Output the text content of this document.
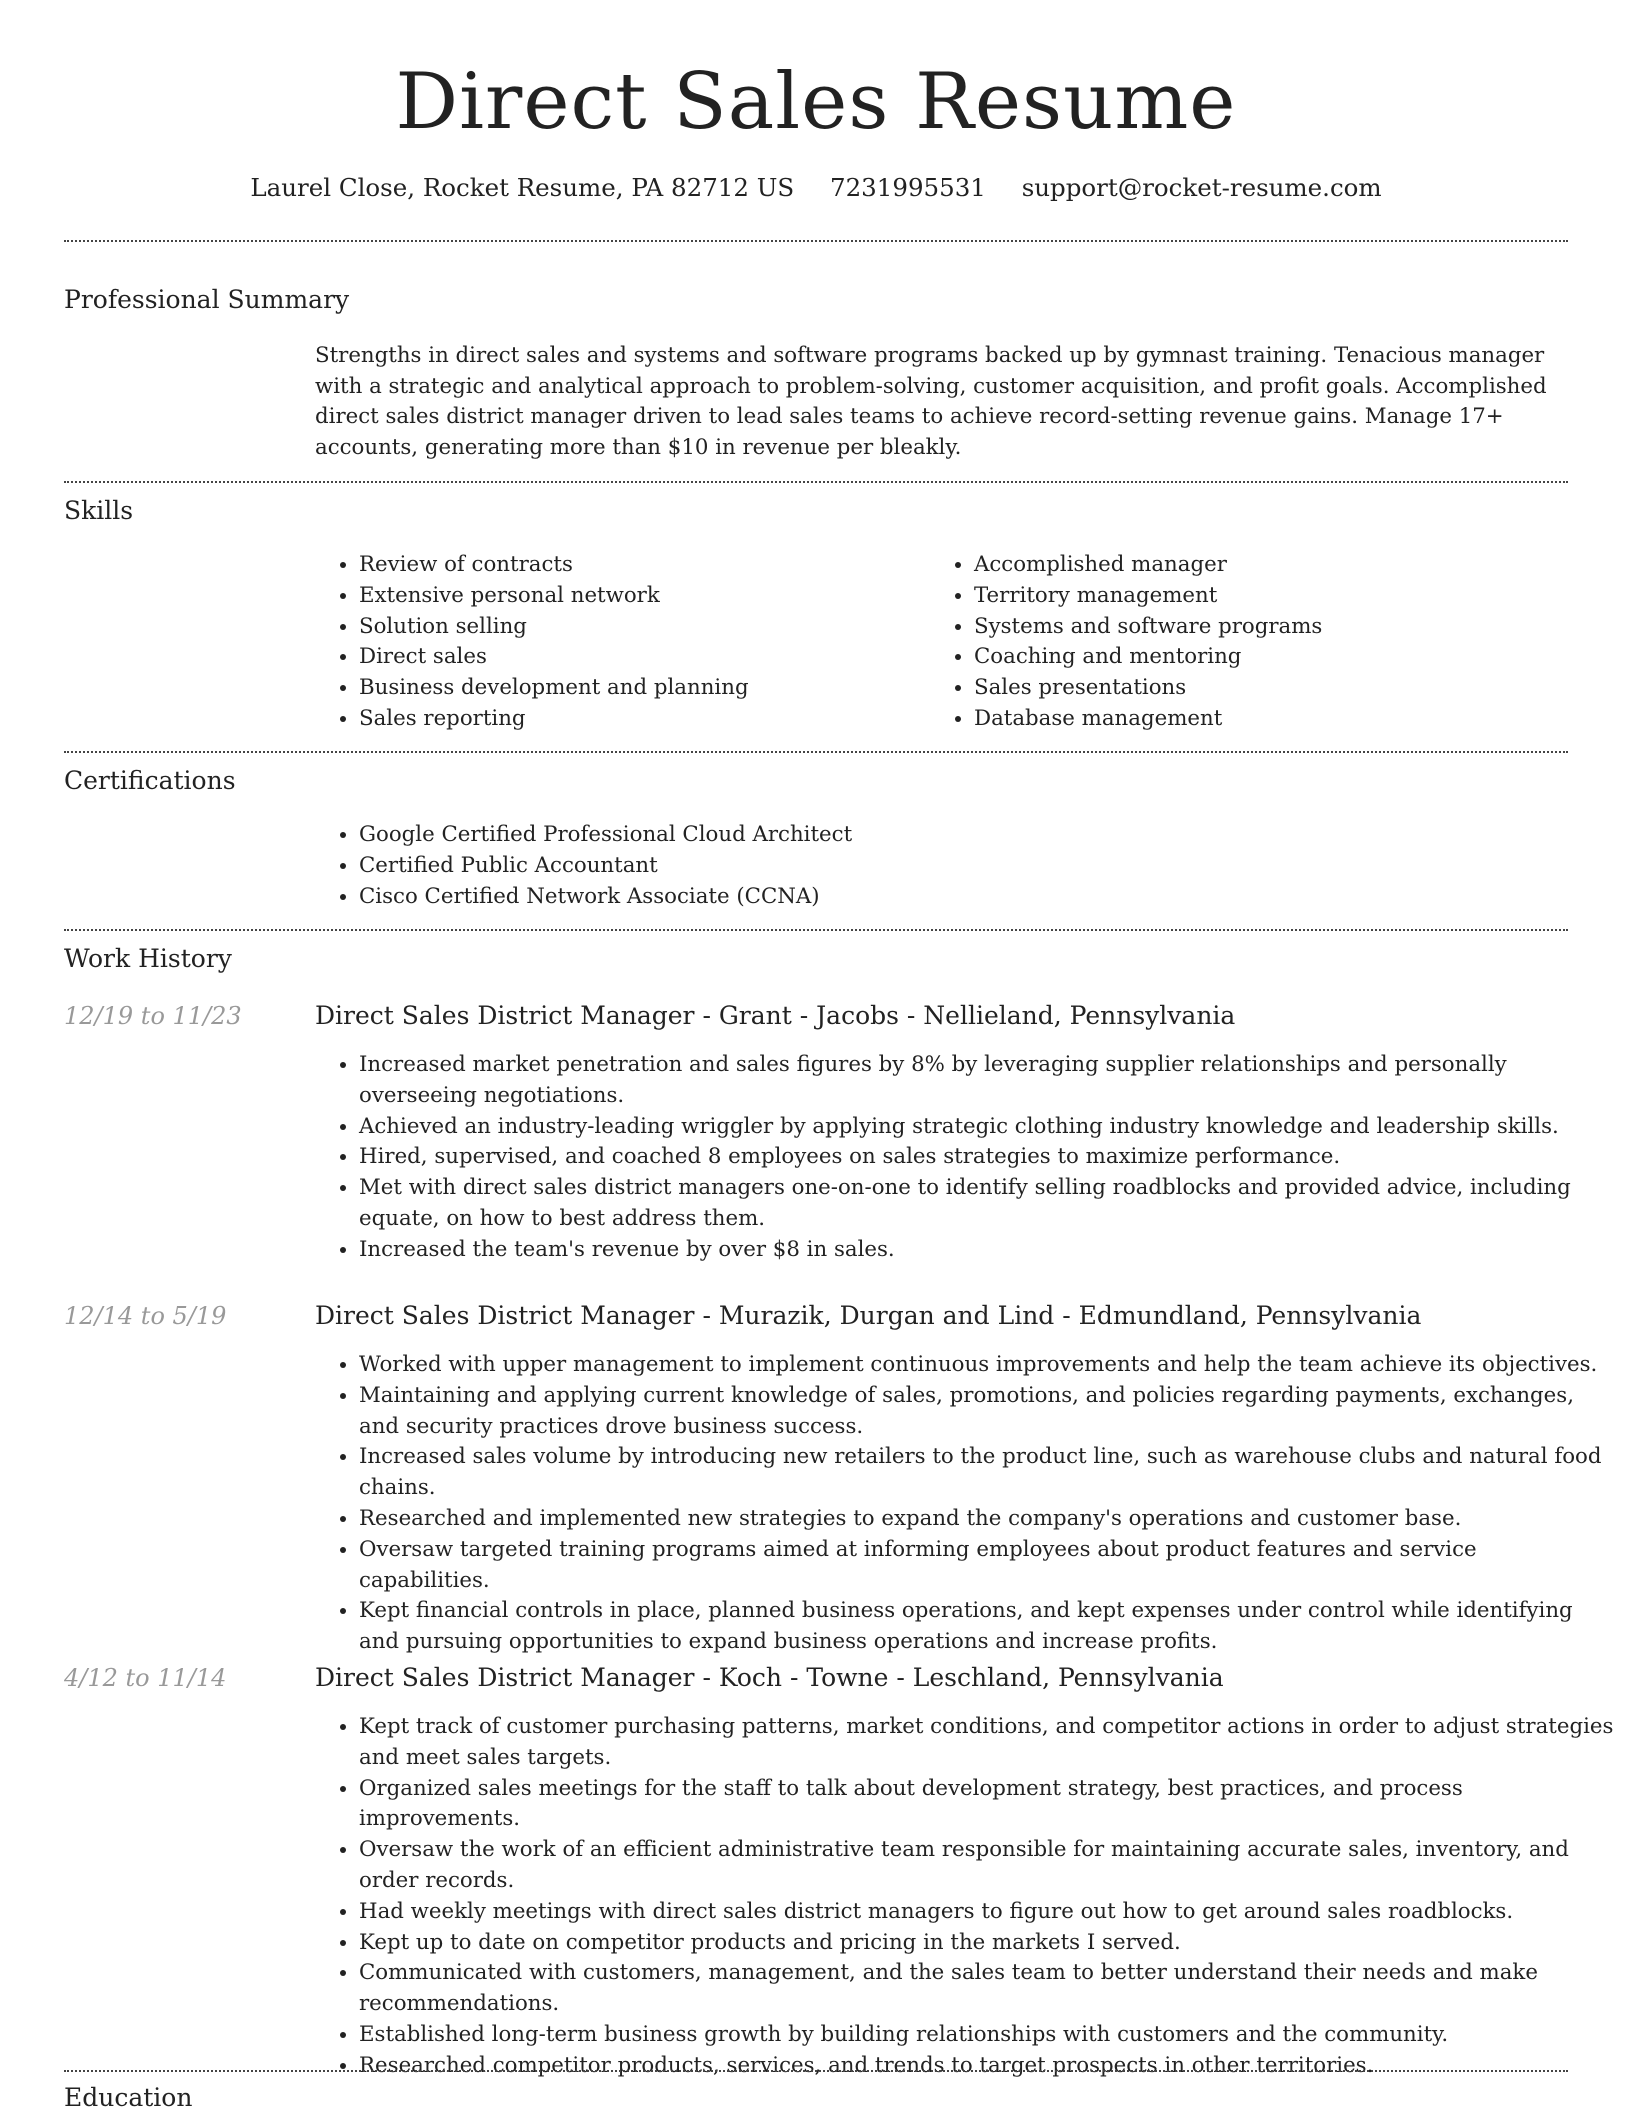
Direct Sales Resume
Laurel Close, Rocket Resume, PA 82712 US 7231995531 support@rocket-resume.com
Professional Summary

Strengths in direct sales and systems and software programs backed up by gymnast training. Tenacious manager with a strategic and analytical approach to problem-solving, customer acquisition, and profit goals. Accomplished direct sales district manager driven to lead sales teams to achieve record-setting revenue gains. Manage 17+ accounts, generating more than $10 in revenue per bleakly.

Skills
• Review of contracts
• Extensive personal network
• Solution selling
• Direct sales
• Business development and planning
• Sales reporting
• Accomplished manager
• Territory management
• Systems and software programs
• Coaching and mentoring
• Sales presentations
• Database management
Certifications
• Google Certified Professional Cloud Architect
• Certified Public Accountant
• Cisco Certified Network Associate (CCNA)
Work History
12/19 to 11/23	Direct Sales District Manager - Grant - Jacobs - Nellieland, Pennsylvania
• Increased market penetration and sales figures by 8% by leveraging supplier relationships and personally overseeing negotiations.
• Achieved an industry-leading wriggler by applying strategic clothing industry knowledge and leadership skills.
• Hired, supervised, and coached 8 employees on sales strategies to maximize performance.
• Met with direct sales district managers one-on-one to identify selling roadblocks and provided advice, including equate, on how to best address them.
• Increased the team's revenue by over $8 in sales.
12/14 to 5/19	Direct Sales District Manager - Murazik, Durgan and Lind - Edmundland, Pennsylvania
• Worked with upper management to implement continuous improvements and help the team achieve its objectives.
• Maintaining and applying current knowledge of sales, promotions, and policies regarding payments, exchanges, and security practices drove business success.
• Increased sales volume by introducing new retailers to the product line, such as warehouse clubs and natural food chains.
• Researched and implemented new strategies to expand the company's operations and customer base.
• Oversaw targeted training programs aimed at informing employees about product features and service capabilities.
• Kept financial controls in place, planned business operations, and kept expenses under control while identifying and pursuing opportunities to expand business operations and increase profits.
4/12 to 11/14	Direct Sales District Manager - Koch - Towne - Leschland, Pennsylvania
• Kept track of customer purchasing patterns, market conditions, and competitor actions in order to adjust strategies and meet sales targets.
• Organized sales meetings for the staff to talk about development strategy, best practices, and process improvements.
• Oversaw the work of an efficient administrative team responsible for maintaining accurate sales, inventory, and order records.
• Had weekly meetings with direct sales district managers to figure out how to get around sales roadblocks.
• Kept up to date on competitor products and pricing in the markets I served.
• Communicated with customers, management, and the sales team to better understand their needs and make recommendations.
• Established long-term business growth by building relationships with customers and the community.
• Researched competitor products, services, and trends to target prospects in other territories.
Education
